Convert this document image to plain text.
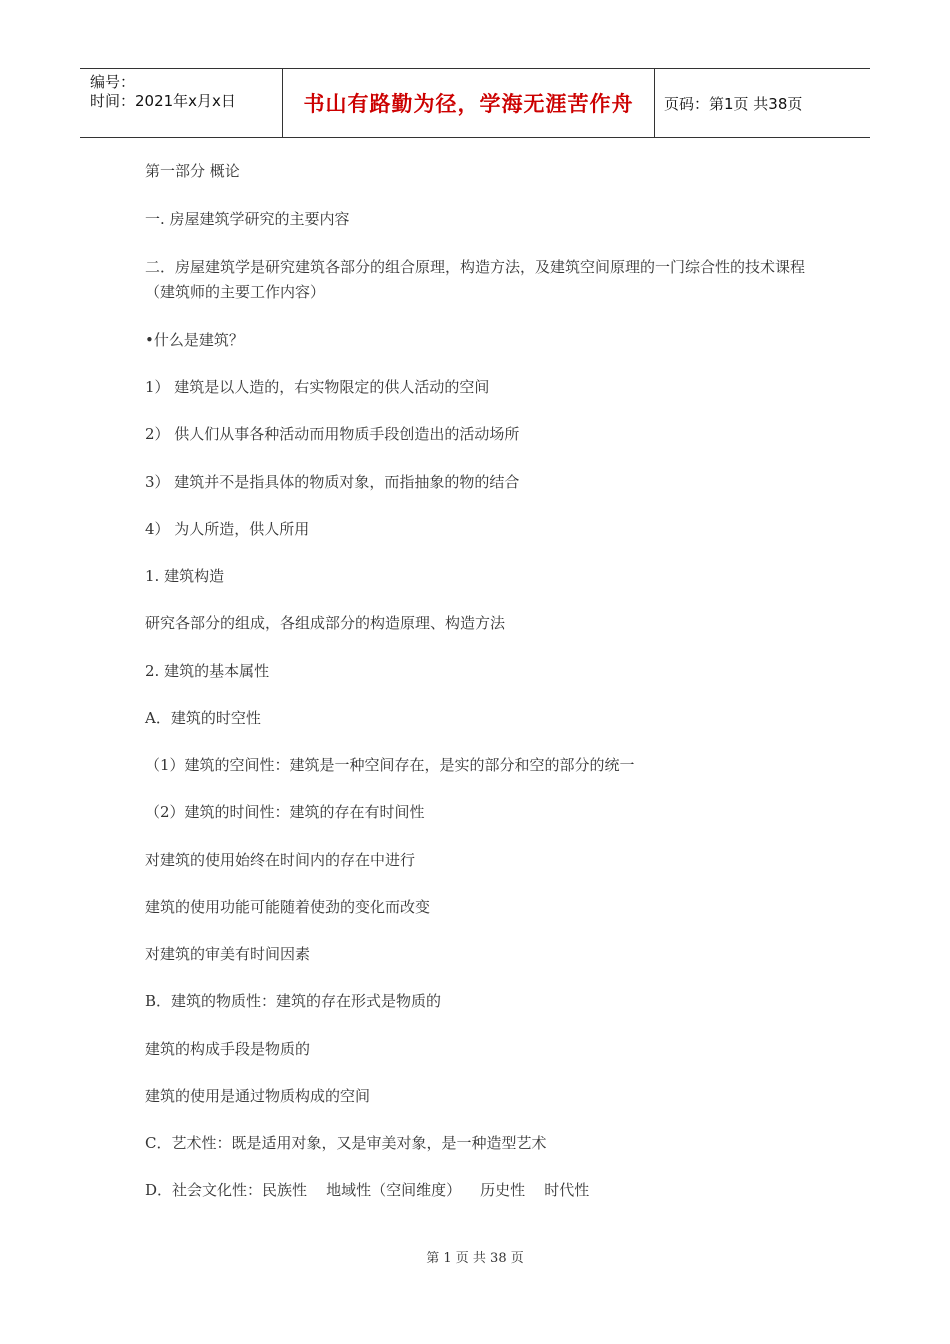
编号：
时间：2021年x月x日	书山有路勤为径，学海无涯苦作舟 页码：第1页 共38页

第一部分 概论

一. 房屋建筑学研究的主要内容

二．房屋建筑学是研究建筑各部分的组合原理，构造方法，及建筑空间原理的一门综合性的技术课程（建筑师的主要工作内容）

•什么是建筑？

1） 建筑是以人造的，右实物限定的供人活动的空间

2） 供人们从事各种活动而用物质手段创造出的活动场所

3） 建筑并不是指具体的物质对象，而指抽象的物的结合

4） 为人所造，供人所用

1. 建筑构造

研究各部分的组成，各组成部分的构造原理、构造方法

2. 建筑的基本属性

A．建筑的时空性

（1）建筑的空间性：建筑是一种空间存在，是实的部分和空的部分的统一

（2）建筑的时间性：建筑的存在有时间性

对建筑的使用始终在时间内的存在中进行

建筑的使用功能可能随着使劲的变化而改变

对建筑的审美有时间因素

B．建筑的物质性：建筑的存在形式是物质的

建筑的构成手段是物质的

建筑的使用是通过物质构成的空间

C．艺术性：既是适用对象，又是审美对象，是一种造型艺术

D．社会文化性：民族性    地域性（空间维度）    历史性    时代性

第 1 页 共 38 页
